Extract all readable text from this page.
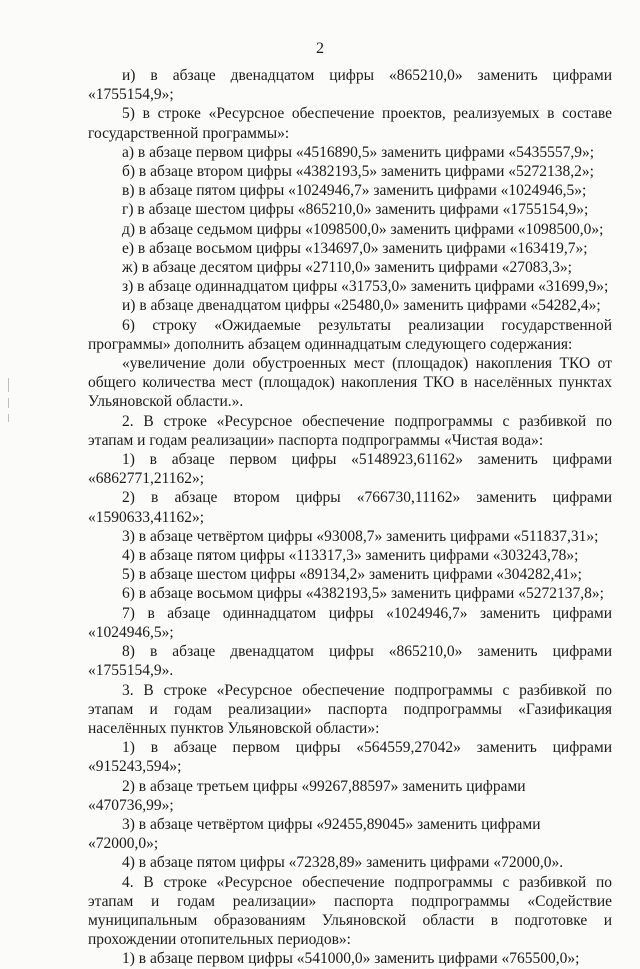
2

и) в абзаце двенадцатом цифры «865210,0» заменить цифрами «1755154,9»;

5) в строке «Ресурсное обеспечение проектов, реализуемых в составе государственной программы»:

а) в абзаце первом цифры «4516890,5» заменить цифрами «5435557,9»;

б) в абзаце втором цифры «4382193,5» заменить цифрами «5272138,2»;

в) в абзаце пятом цифры «1024946,7» заменить цифрами «1024946,5»;

г) в абзаце шестом цифры «865210,0» заменить цифрами «1755154,9»;

д) в абзаце седьмом цифры «1098500,0» заменить цифрами «1098500,0»;

е) в абзаце восьмом цифры «134697,0» заменить цифрами «163419,7»;

ж) в абзаце десятом цифры «27110,0» заменить цифрами «27083,3»;

з) в абзаце одиннадцатом цифры «31753,0» заменить цифрами «31699,9»;

и) в абзаце двенадцатом цифры «25480,0» заменить цифрами «54282,4»;

6) строку «Ожидаемые результаты реализации государственной программы» дополнить абзацем одиннадцатым следующего содержания:

«увеличение доли обустроенных мест (площадок) накопления ТКО от общего количества мест (площадок) накопления ТКО в населённых пунктах Ульяновской области.».

2. В строке «Ресурсное обеспечение подпрограммы с разбивкой по этапам и годам реализации» паспорта подпрограммы «Чистая вода»:

1) в абзаце первом цифры «5148923,61162» заменить цифрами «6862771,21162»;

2) в абзаце втором цифры «766730,11162» заменить цифрами «1590633,41162»;

3) в абзаце четвёртом цифры «93008,7» заменить цифрами «511837,31»;

4) в абзаце пятом цифры «113317,3» заменить цифрами «303243,78»;

5) в абзаце шестом цифры «89134,2» заменить цифрами «304282,41»;

6) в абзаце восьмом цифры «4382193,5» заменить цифрами «5272137,8»;

7) в абзаце одиннадцатом цифры «1024946,7» заменить цифрами «1024946,5»;

8) в абзаце двенадцатом цифры «865210,0» заменить цифрами «1755154,9».

3. В строке «Ресурсное обеспечение подпрограммы с разбивкой по этапам и годам реализации» паспорта подпрограммы «Газификация населённых пунктов Ульяновской области»:

1) в абзаце первом цифры «564559,27042» заменить цифрами «915243,594»;

2) в абзаце третьем цифры «99267,88597» заменить цифрами «470736,99»;

3) в абзаце четвёртом цифры «92455,89045» заменить цифрами «72000,0»;

4) в абзаце пятом цифры «72328,89» заменить цифрами «72000,0».

4. В строке «Ресурсное обеспечение подпрограммы с разбивкой по этапам и годам реализации» паспорта подпрограммы «Содействие муниципальным образованиям Ульяновской области в подготовке и прохождении отопительных периодов»:

1) в абзаце первом цифры «541000,0» заменить цифрами «765500,0»;
